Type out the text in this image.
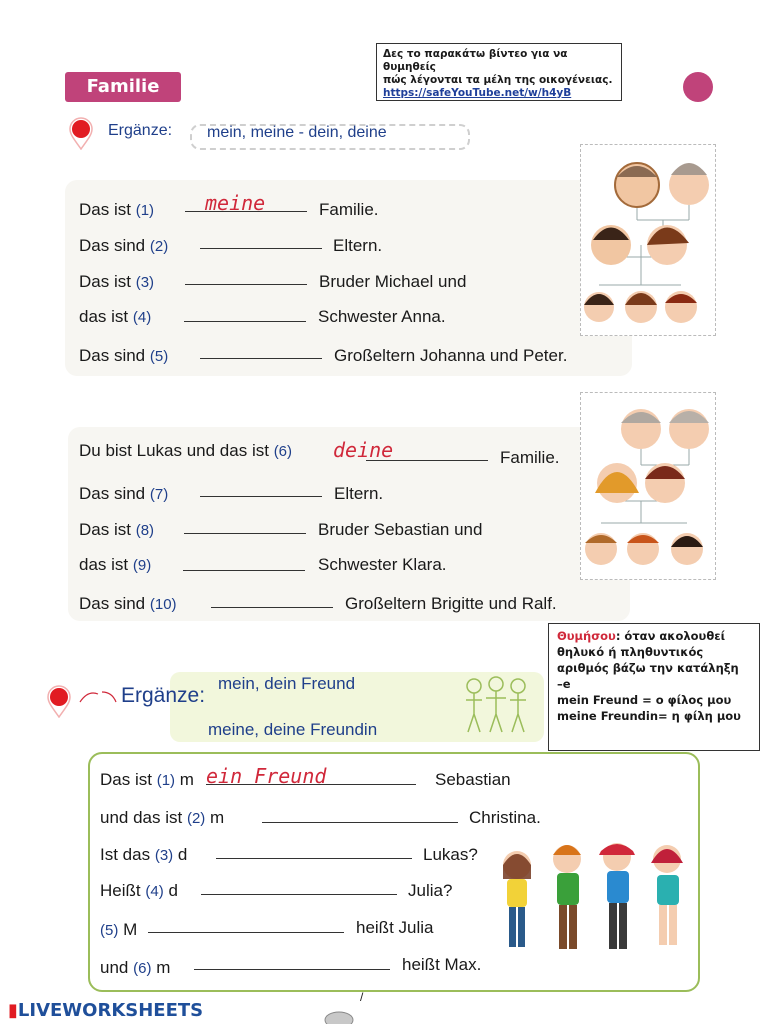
Familie
Δες το παρακάτω βίντεο για να θυμηθείς
πώς λέγονται τα μέλη της οικογένειας.
https://safeYouTube.net/w/h4yB
Ergänze: mein, meine - dein, deine
Das ist (1)	meine	Familie.
Das sind (2)	Eltern.
Das ist (3)	Bruder Michael und
das ist (4)	Schwester Anna.
Das sind (5)	Großeltern Johanna und Peter.
Du bist Lukas und das ist (6) deine	Familie.
Das sind (7)	Eltern.
Das ist (8)	Bruder Sebastian und
das ist (9)	Schwester Klara.
Das sind (10)	Großeltern Brigitte und Ralf.
Θυμήσου: όταν ακολουθεί
θηλυκό ή πληθυντικός
αριθμός βάζω την κατάληξη
–e
mein Freund = ο φίλος μου
meine Freundin= η φίλη μου
Ergänze:
mein, dein Freund
meine, deine Freundin
Das ist (1) m ein Freund	Sebastian
und das ist (2) m	Christina.
Ist das (3) d	Lukas?
Heißt (4) d	Julia?
(5) M	heißt Julia
und (6) m	heißt Max.
▮LIVEWORKSHEETS
/
